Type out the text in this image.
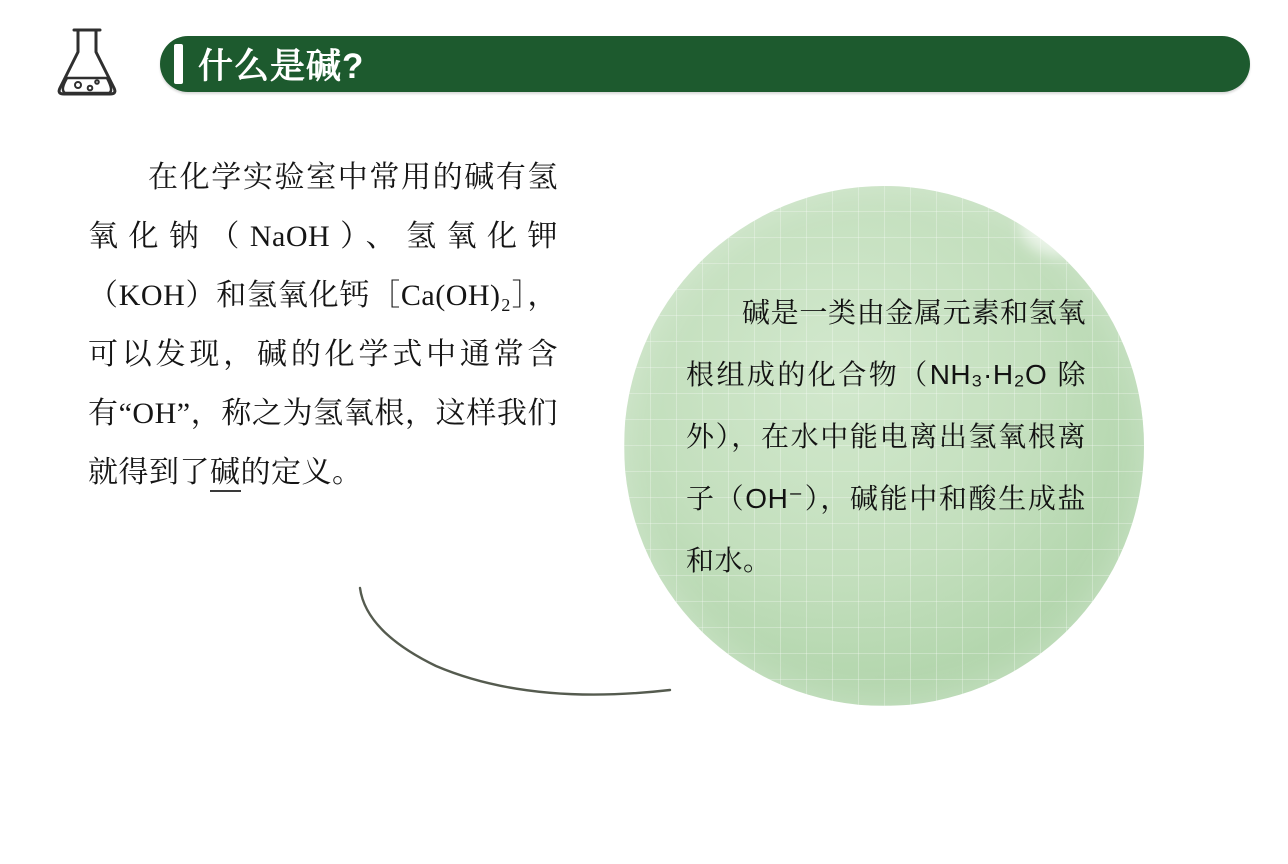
什么是碱?
在化学实验室中常用的碱有氢氧化钠（NaOH）、氢氧化钾（KOH）和氢氧化钙［Ca(OH)₂］，可以发现，碱的化学式中通常含有“OH”，称之为氢氧根，这样我们就得到了碱的定义。
碱是一类由金属元素和氢氧根组成的化合物（NH₃·H₂O 除外），在水中能电离出氢氧根离子（OH⁻），碱能中和酸生成盐和水。
